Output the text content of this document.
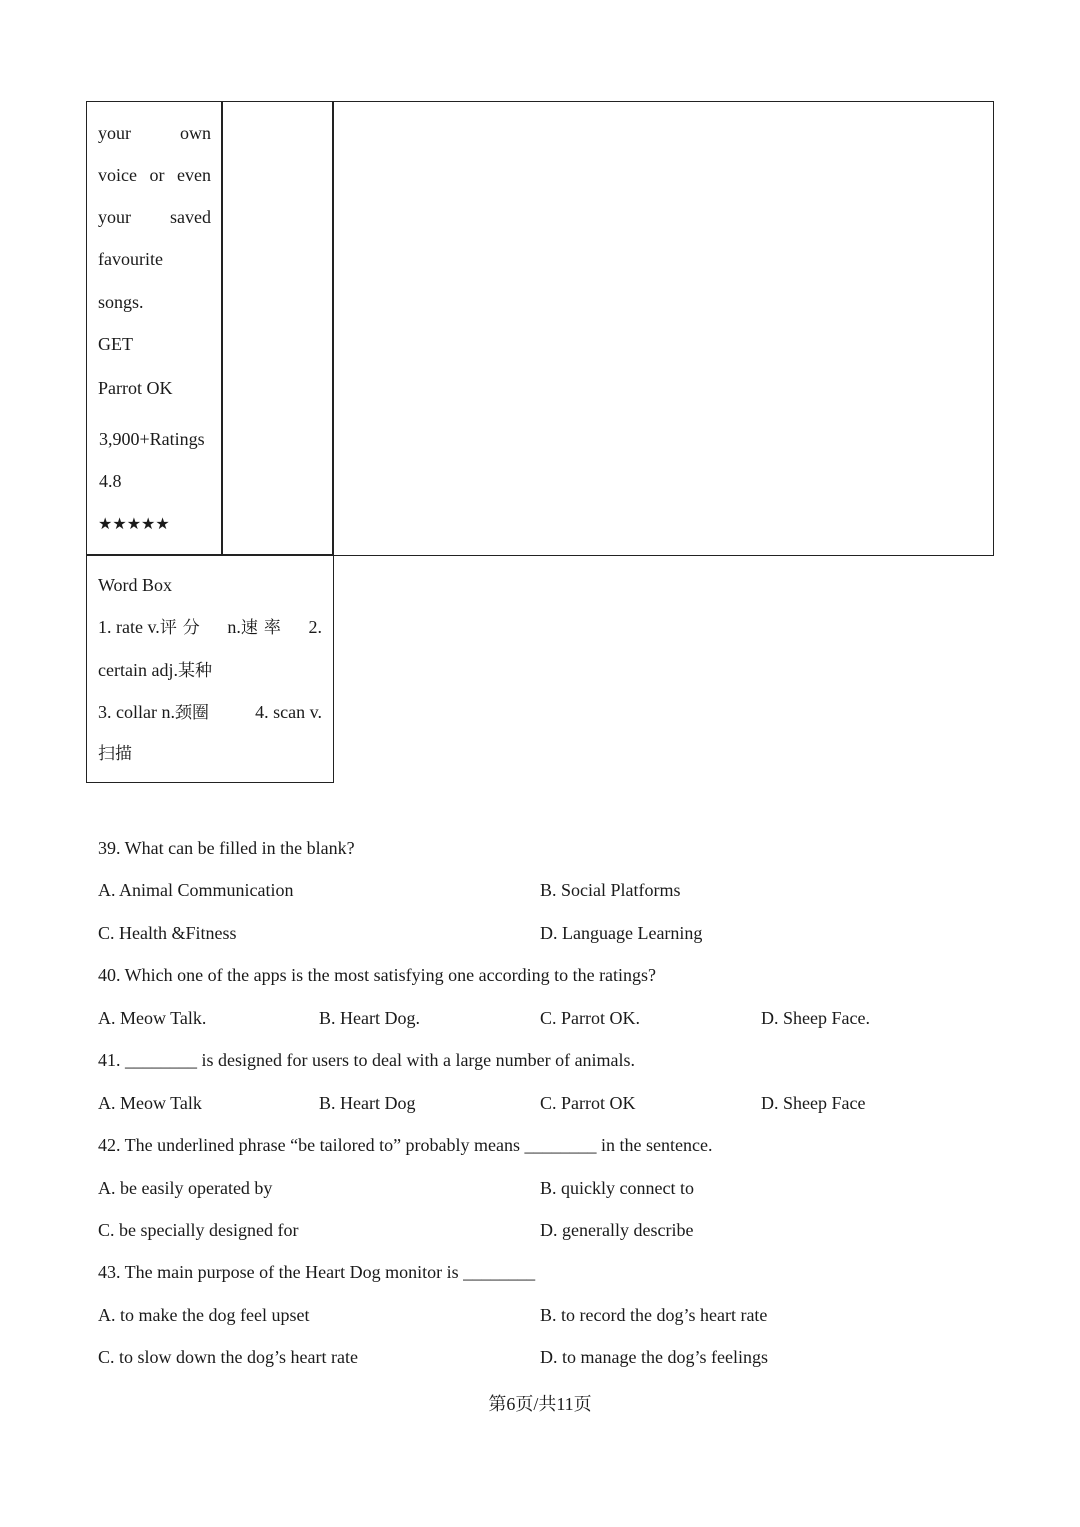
your	own
voice or even
your saved
favourite
songs.
GET
Parrot OK
3,900+Ratings
4.8
★★★★★
Word Box
1. rate v.评分 n.速率 2.
certain adj.某种
3. collar n.颈圈	4. scan v.
扫描
39. What can be filled in the blank?
A. Animal Communication	B. Social Platforms
C. Health &Fitness	D. Language Learning
40. Which one of the apps is the most satisfying one according to the ratings?
A. Meow Talk.	B. Heart Dog.	C. Parrot OK.	D. Sheep Face.
41. ________ is designed for users to deal with a large number of animals.
A. Meow Talk	B. Heart Dog	C. Parrot OK	D. Sheep Face
42. The underlined phrase “be tailored to” probably means ________ in the sentence.
A. be easily operated by	B. quickly connect to
C. be specially designed for	D. generally describe
43. The main purpose of the Heart Dog monitor is ________
A. to make the dog feel upset	B. to record the dog’s heart rate
C. to slow down the dog’s heart rate	D. to manage the dog’s feelings
第6页/共11页
